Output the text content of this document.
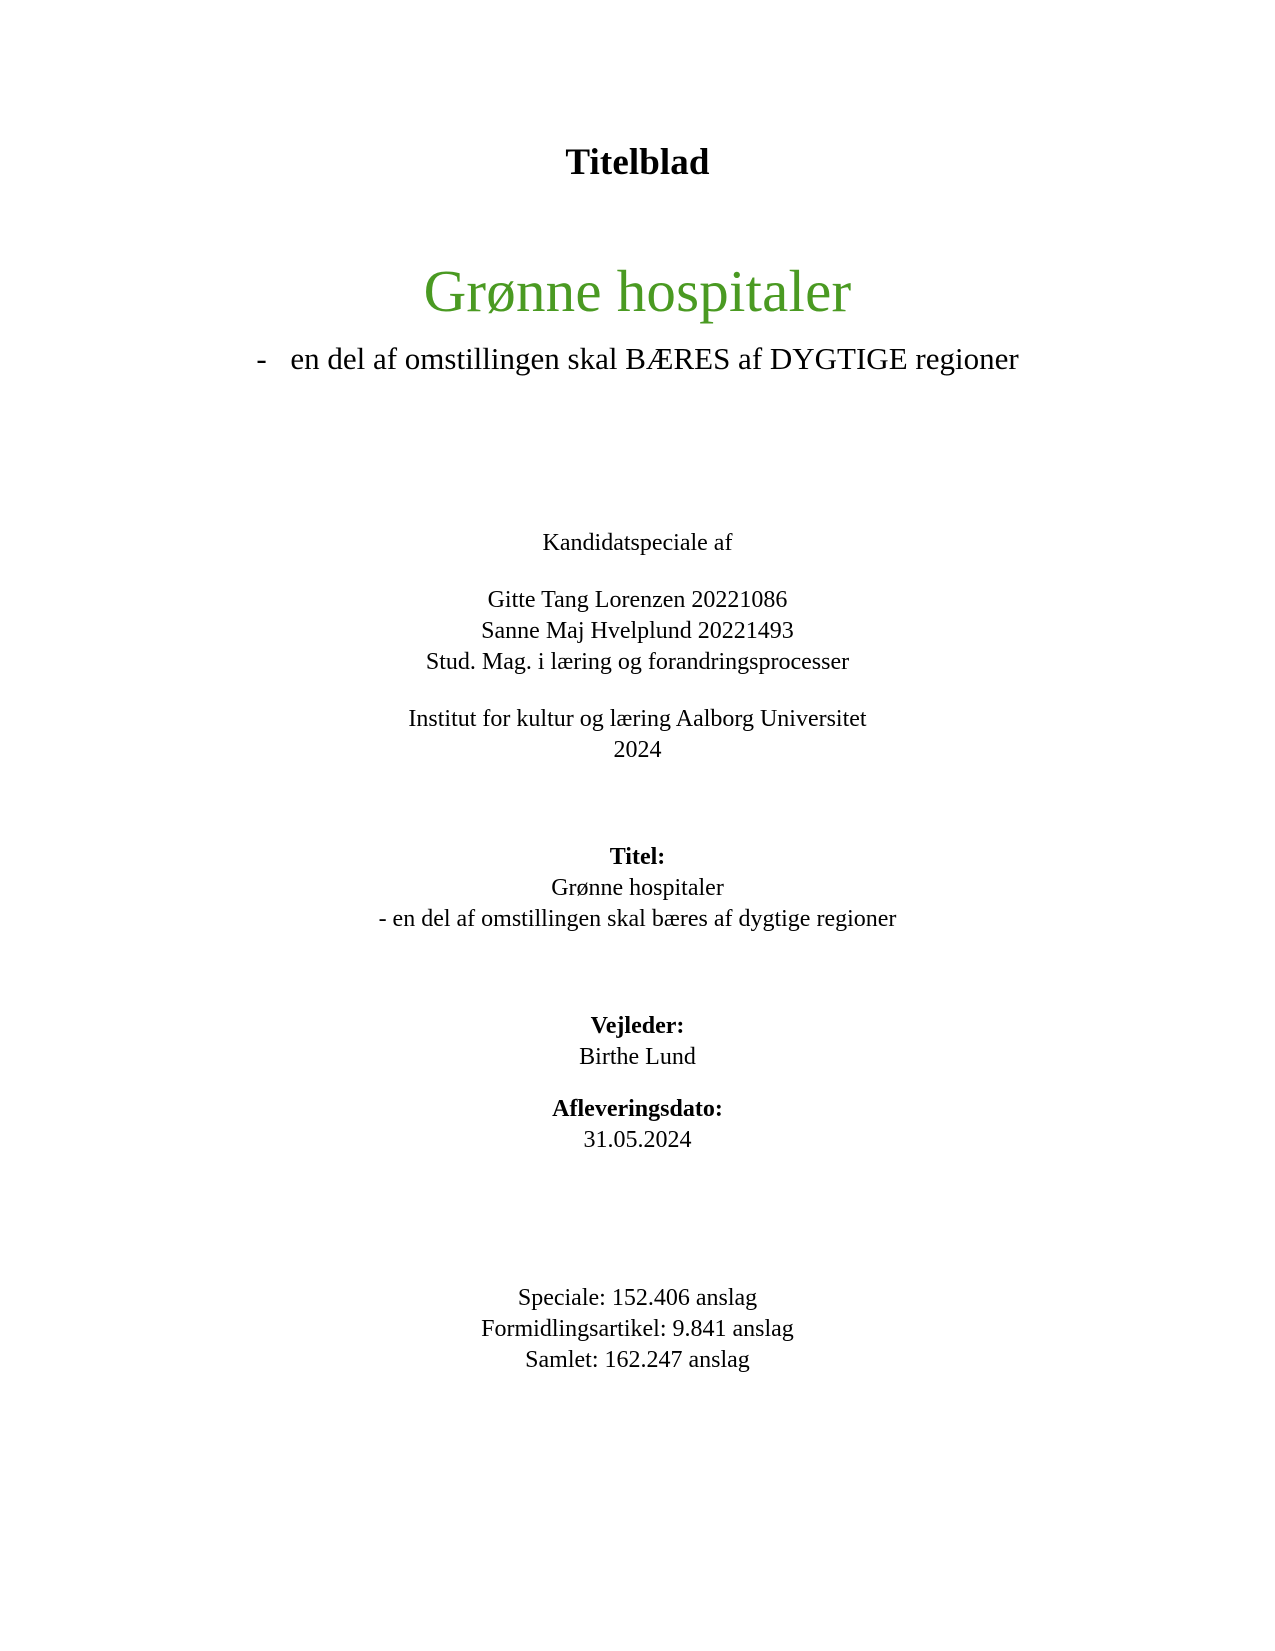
Titelblad
Grønne hospitaler
- en del af omstillingen skal BÆRES af DYGTIGE regioner
Kandidatspeciale af
Gitte Tang Lorenzen 20221086
Sanne Maj Hvelplund 20221493
Stud. Mag. i læring og forandringsprocesser
Institut for kultur og læring Aalborg Universitet
2024
Titel:
Grønne hospitaler
- en del af omstillingen skal bæres af dygtige regioner
Vejleder:
Birthe Lund
Afleveringsdato:
31.05.2024
Speciale: 152.406 anslag
Formidlingsartikel: 9.841 anslag
Samlet: 162.247 anslag
